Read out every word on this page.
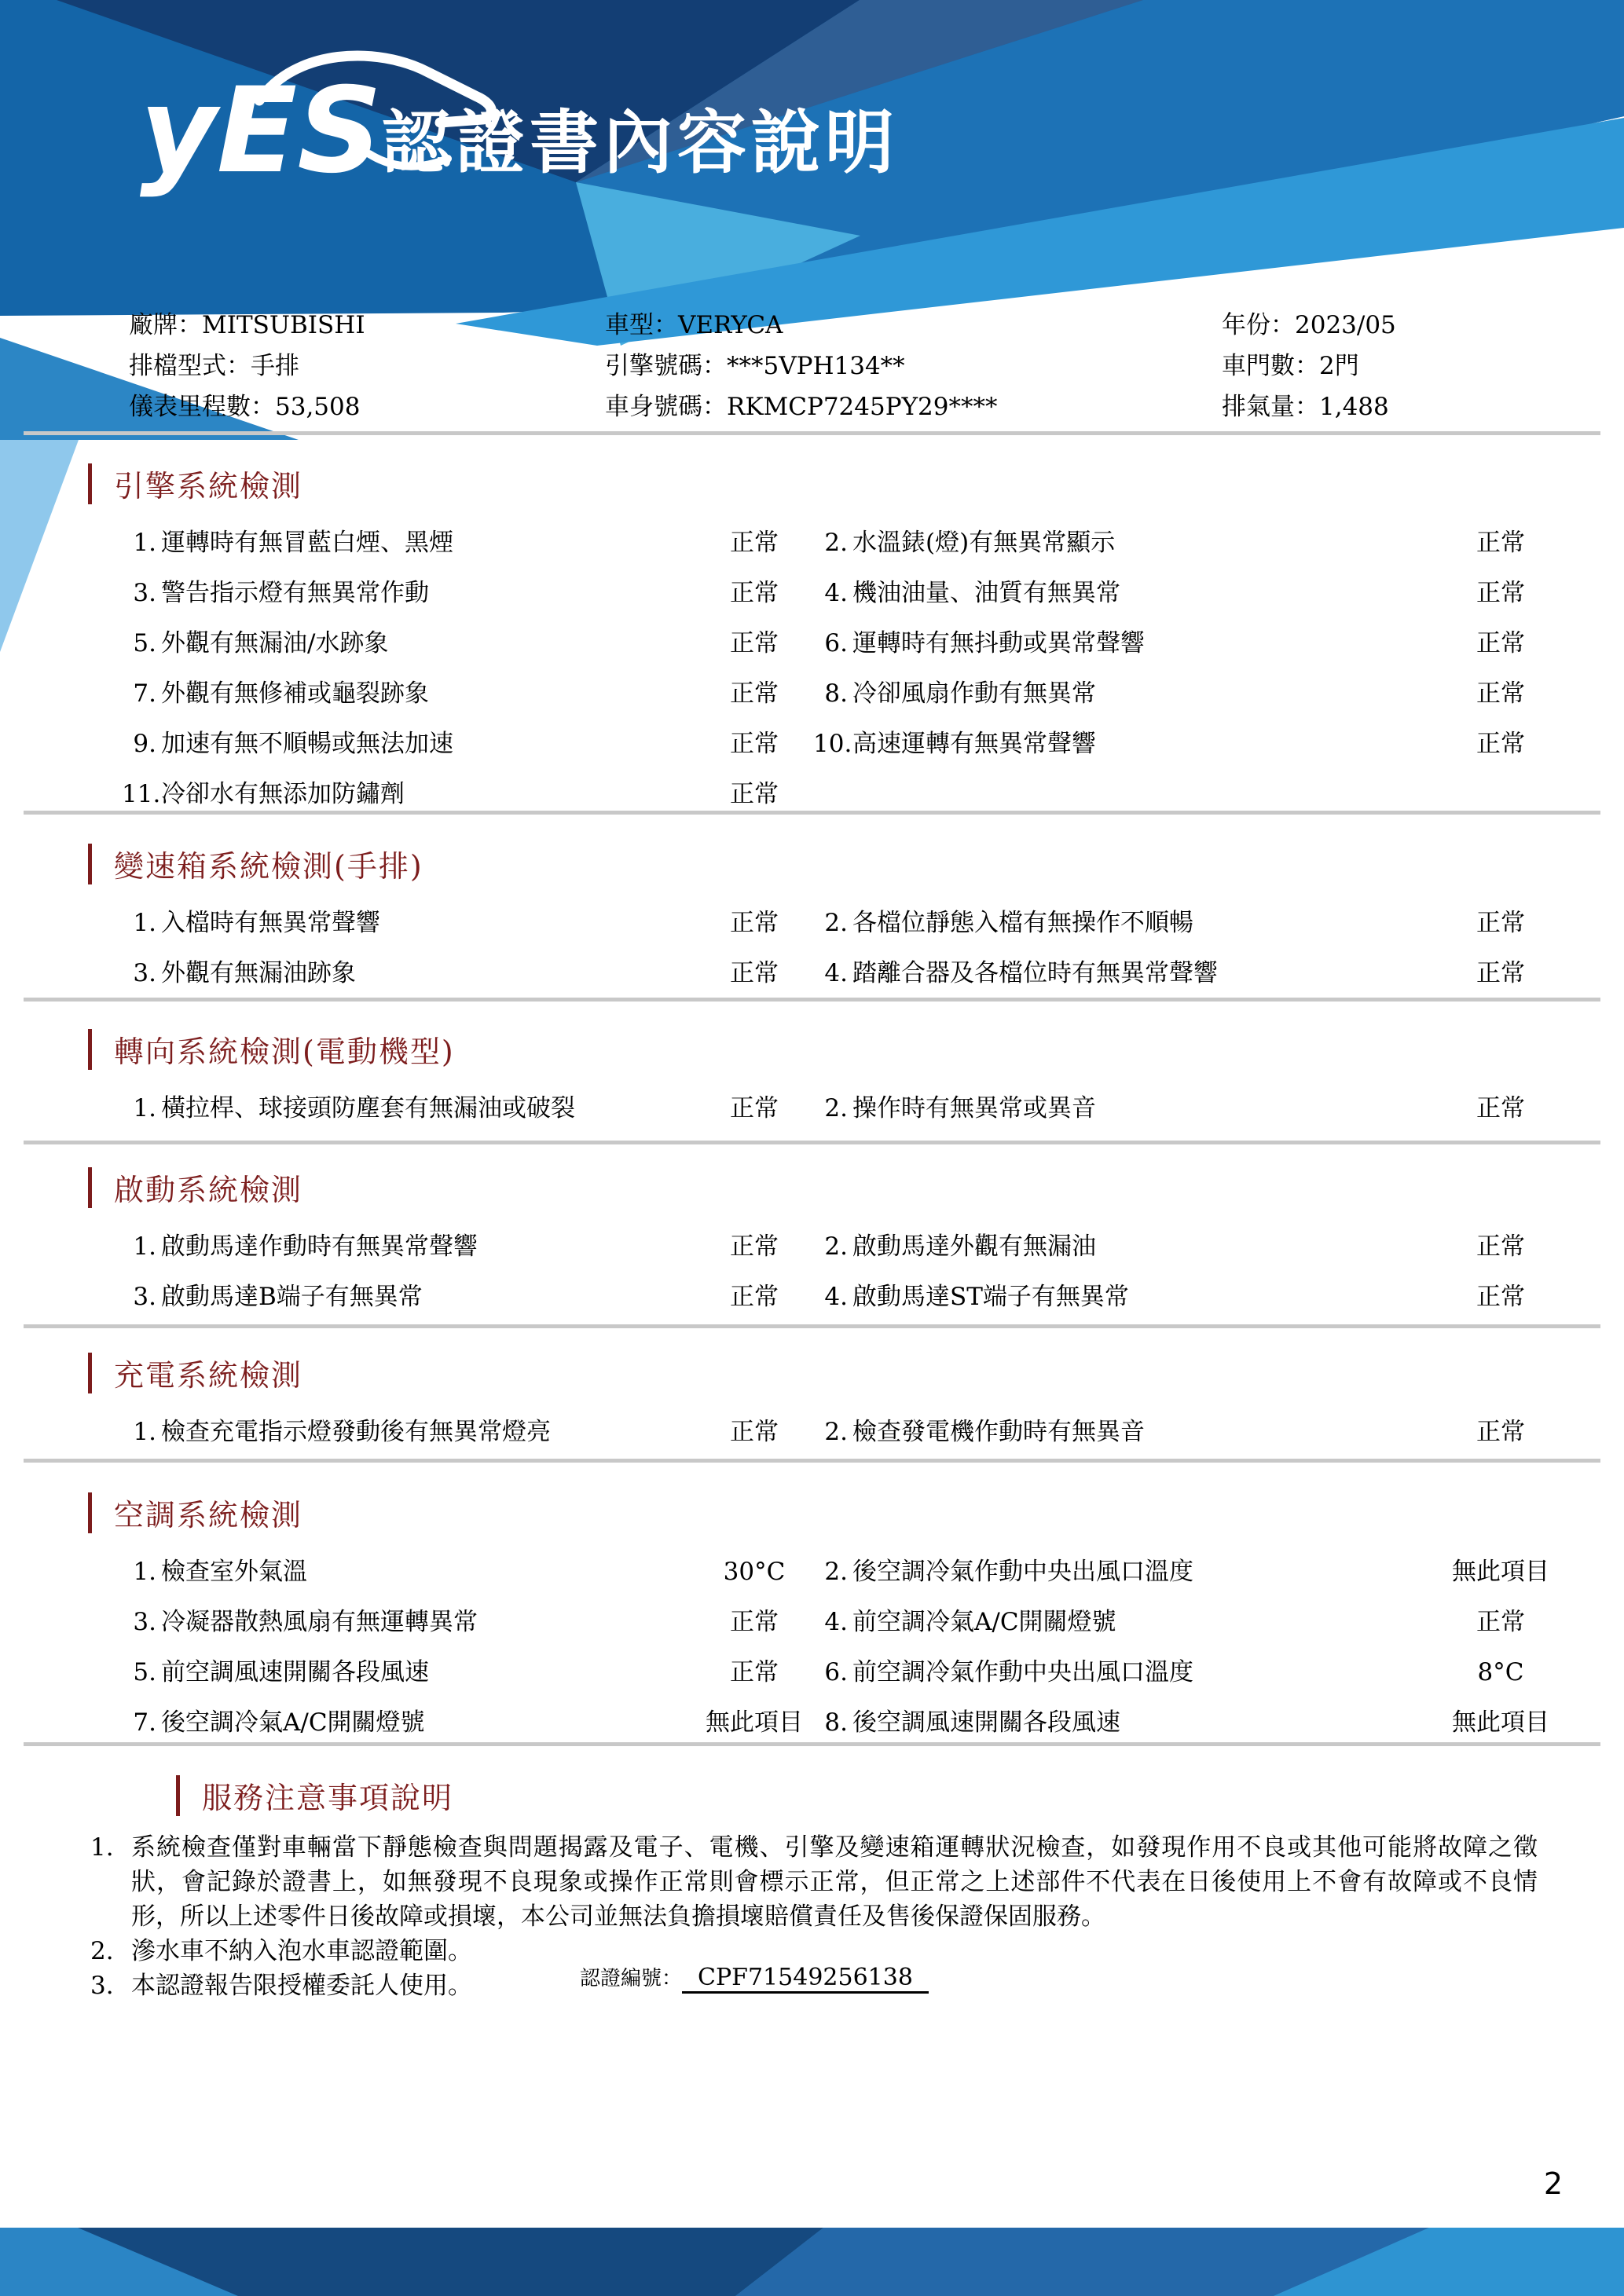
yES 認證書內容說明
廠牌：MITSUBISHI	車型：VERYCA	年份：2023/05
排檔型式：手排	引擎號碼：***5VPH134**	車門數：2門
儀表里程數：53,508	車身號碼：RKMCP7245PY29****	排氣量：1,488
引擎系統檢測
1. 運轉時有無冒藍白煙、黑煙	正常	2. 水溫錶(燈)有無異常顯示	正常
3. 警告指示燈有無異常作動	正常	4. 機油油量、油質有無異常	正常
5. 外觀有無漏油/水跡象	正常	6. 運轉時有無抖動或異常聲響	正常
7. 外觀有無修補或龜裂跡象	正常	8. 冷卻風扇作動有無異常	正常
9. 加速有無不順暢或無法加速	正常	10. 高速運轉有無異常聲響	正常
11. 冷卻水有無添加防鏽劑	正常
變速箱系統檢測(手排)
1. 入檔時有無異常聲響	正常	2. 各檔位靜態入檔有無操作不順暢	正常
3. 外觀有無漏油跡象	正常	4. 踏離合器及各檔位時有無異常聲響	正常
轉向系統檢測(電動機型)
1. 橫拉桿、球接頭防塵套有無漏油或破裂	正常	2. 操作時有無異常或異音	正常
啟動系統檢測
1. 啟動馬達作動時有無異常聲響	正常	2. 啟動馬達外觀有無漏油	正常
3. 啟動馬達B端子有無異常	正常	4. 啟動馬達ST端子有無異常	正常
充電系統檢測
1. 檢查充電指示燈發動後有無異常燈亮	正常	2. 檢查發電機作動時有無異音	正常
空調系統檢測
1. 檢查室外氣溫	30°C	2. 後空調冷氣作動中央出風口溫度	無此項目
3. 冷凝器散熱風扇有無運轉異常	正常	4. 前空調冷氣A/C開關燈號	正常
5. 前空調風速開關各段風速	正常	6. 前空調冷氣作動中央出風口溫度	8°C
7. 後空調冷氣A/C開關燈號	無此項目 8. 後空調風速開關各段風速	無此項目
服務注意事項說明
1. 系統檢查僅對車輛當下靜態檢查與問題揭露及電子、電機、引擎及變速箱運轉狀況檢查，如發現作用不良或其他可能將故障之徵狀，會記錄於證書上，如無發現不良現象或操作正常則會標示正常，但正常之上述部件不代表在日後使用上不會有故障或不良情形，所以上述零件日後故障或損壞，本公司並無法負擔損壞賠償責任及售後保證保固服務。
2. 滲水車不納入泡水車認證範圍。
3. 本認證報告限授權委託人使用。	認證編號： CPF71549256138
2
